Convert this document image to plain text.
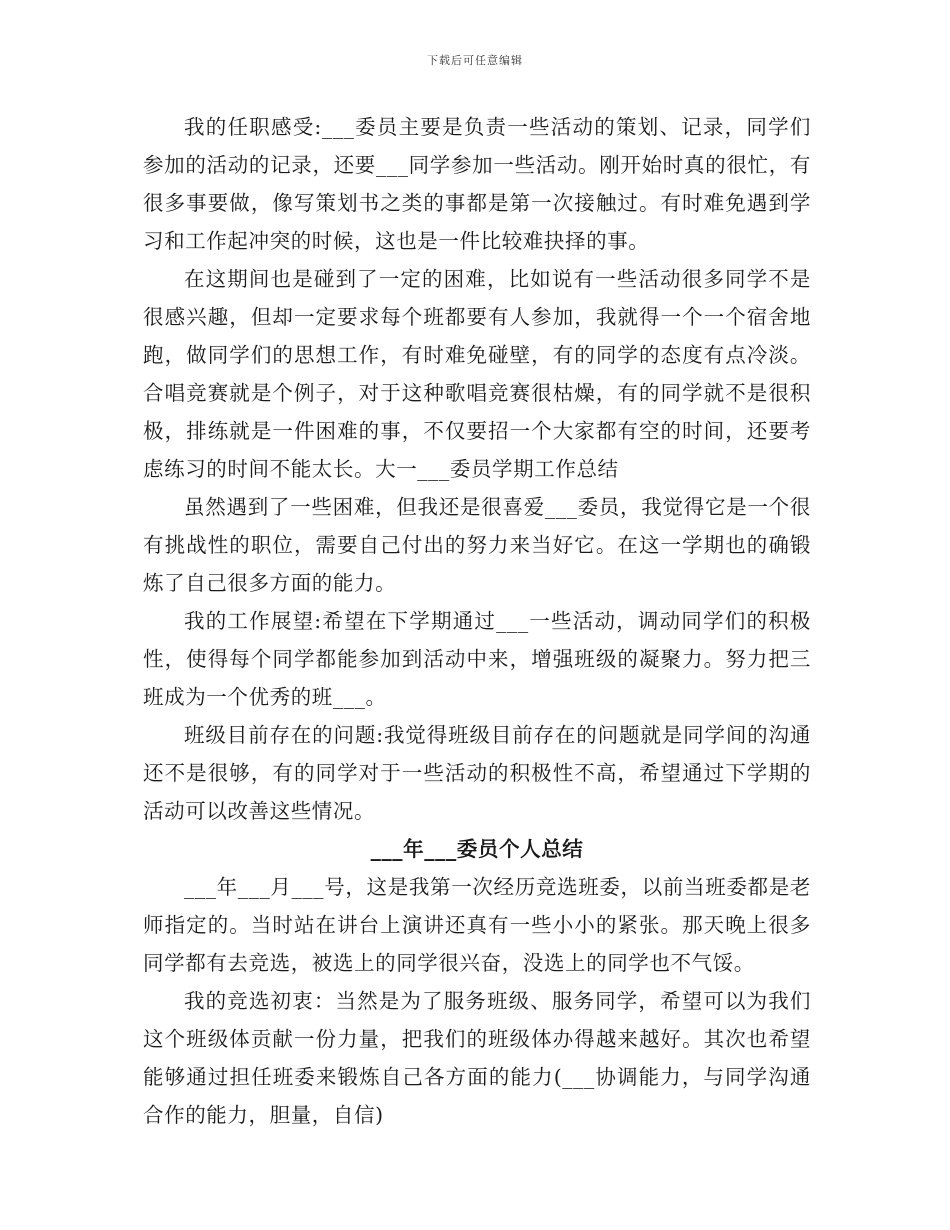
下载后可任意编辑

我的任职感受:___委员主要是负责一些活动的策划、记录，同学们参加的活动的记录，还要___同学参加一些活动。刚开始时真的很忙，有很多事要做，像写策划书之类的事都是第一次接触过。有时难免遇到学习和工作起冲突的时候，这也是一件比较难抉择的事。

在这期间也是碰到了一定的困难，比如说有一些活动很多同学不是很感兴趣，但却一定要求每个班都要有人参加，我就得一个一个宿舍地跑，做同学们的思想工作，有时难免碰壁，有的同学的态度有点冷淡。合唱竞赛就是个例子，对于这种歌唱竞赛很枯燥，有的同学就不是很积极，排练就是一件困难的事，不仅要招一个大家都有空的时间，还要考虑练习的时间不能太长。大一___委员学期工作总结

虽然遇到了一些困难，但我还是很喜爱___委员，我觉得它是一个很有挑战性的职位，需要自己付出的努力来当好它。在这一学期也的确锻炼了自己很多方面的能力。

我的工作展望:希望在下学期通过___一些活动，调动同学们的积极性，使得每个同学都能参加到活动中来，增强班级的凝聚力。努力把三班成为一个优秀的班___。

班级目前存在的问题:我觉得班级目前存在的问题就是同学间的沟通还不是很够，有的同学对于一些活动的积极性不高，希望通过下学期的活动可以改善这些情况。

___年___委员个人总结

___年___月___号，这是我第一次经历竞选班委，以前当班委都是老师指定的。当时站在讲台上演讲还真有一些小小的紧张。那天晚上很多同学都有去竞选，被选上的同学很兴奋，没选上的同学也不气馁。

我的竞选初衷：当然是为了服务班级、服务同学，希望可以为我们这个班级体贡献一份力量，把我们的班级体办得越来越好。其次也希望能够通过担任班委来锻炼自己各方面的能力(___协调能力，与同学沟通合作的能力，胆量，自信)
